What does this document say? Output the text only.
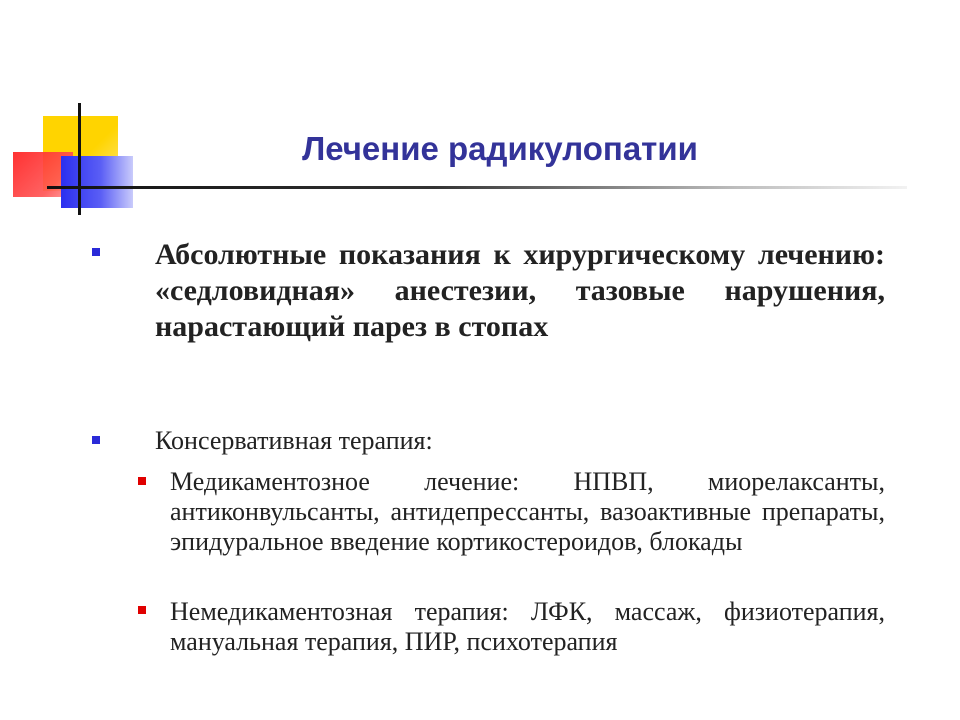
Лечение радикулопатии
Абсолютные показания к хирургическому лечению: «седловидная» анестезии, тазовые нарушения, нарастающий парез в стопах
Консервативная терапия:
Медикаментозное лечение: НПВП, миорелаксанты, антиконвульсанты, антидепрессанты, вазоактивные препараты, эпидуральное введение кортикостероидов, блокады
Немедикаментозная терапия: ЛФК, массаж, физиотерапия, мануальная терапия, ПИР, психотерапия
